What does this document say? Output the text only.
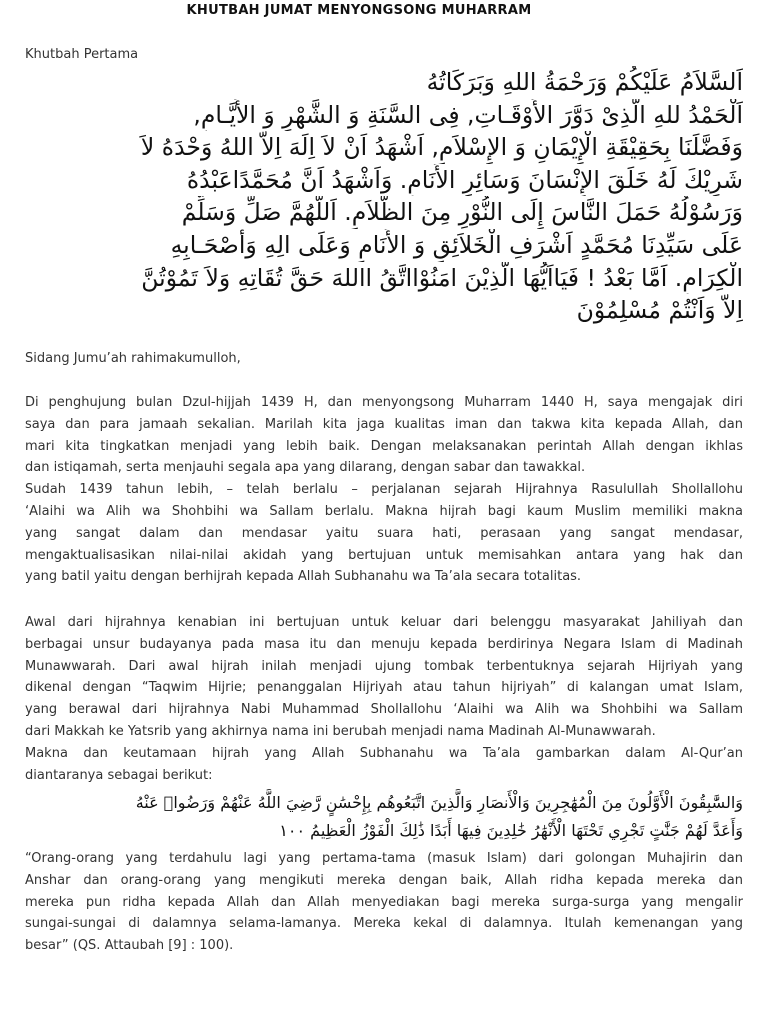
KHUTBAH JUMAT MENYONGSONG MUHARRAM
Khutbah Pertama
اَلسَّلاَمُ عَلَيْكُمْ وَرَحْمَةُ اللهِ وَبَرَكَاتُهُ
اَلْحَمْدُ للهِ الَّذِىْ دَوَّرَ الأَوْقَـاتِ, فِى السَّنَةِ وَ الشَّهْرِ وَ الأَيَّـامِ,
وَفَضَّلَنَا بِحَقِيْقَةِ الْإِيْمَانِ وَ الإِسْلاَمِ, اَشْهَدُ اَنْ لاَ اِلَهَ اِلاَّ اللهُ وَحْدَهُ لاَ
شَرِيْكَ لَهُ خَلَقَ الإِنْسَانَ وَسَائِرِ الأَنَامِ. وَاَشْهَدُ اَنَّ مُحَمَّدًاعَبْدُهُ
وَرَسُوْلُهُ حَمَلَ النَّاسَ إِلَى النُّوْرِ مِنَ الظَّلاَمِ. اَللَّهُمَّ صَلِّ وَسَلِّمْ
عَلَى سَيِّدِنَا مُحَمَّدٍ اَشْرَفِ الْخَلاَئِقِ وَ الأَنَامِ وَعَلَى الِهِ وَأَصْحَـابِهِ
الْكِرَامِ. اَمَّا بَعْدُ ! فَيَااَيُّهَا الَّذِيْنَ امَنُوْااتَّقُ االلهَ حَقَّ تُقَاتِهِ وَلاَ تَمُوْتُنَّ
اِلاَّ وَاَنْتُمْ مُسْلِمُوْنَ
Sidang Jumu’ah rahimakumulloh,
Di penghujung bulan Dzul-hijjah 1439 H, dan menyongsong Muharram 1440 H, saya mengajak diri
saya dan para jamaah sekalian. Marilah kita jaga kualitas iman dan takwa kita kepada Allah, dan
mari kita tingkatkan menjadi yang lebih baik. Dengan melaksanakan perintah Allah dengan ikhlas
dan istiqamah, serta menjauhi segala apa yang dilarang, dengan sabar dan tawakkal.
Sudah 1439 tahun lebih, – telah berlalu – perjalanan sejarah Hijrahnya Rasulullah Shollallohu
‘Alaihi wa Alih wa Shohbihi wa Sallam berlalu. Makna hijrah bagi kaum Muslim memiliki makna
yang sangat dalam dan mendasar yaitu suara hati, perasaan yang sangat mendasar,
mengaktualisasikan nilai-nilai akidah yang bertujuan untuk memisahkan antara yang hak dan
yang batil yaitu dengan berhijrah kepada Allah Subhanahu wa Ta’ala secara totalitas.
Awal dari hijrahnya kenabian ini bertujuan untuk keluar dari belenggu masyarakat Jahiliyah dan
berbagai unsur budayanya pada masa itu dan menuju kepada berdirinya Negara Islam di Madinah
Munawwarah. Dari awal hijrah inilah menjadi ujung tombak terbentuknya sejarah Hijriyah yang
dikenal dengan “Taqwim Hijrie; penanggalan Hijriyah atau tahun hijriyah” di kalangan umat Islam,
yang berawal dari hijrahnya Nabi Muhammad Shollallohu ‘Alaihi wa Alih wa Shohbihi wa Sallam
dari Makkah ke Yatsrib yang akhirnya nama ini berubah menjadi nama Madinah Al-Munawwarah.
Makna dan keutamaan hijrah yang Allah Subhanahu wa Ta’ala gambarkan dalam Al-Qur’an
diantaranya sebagai berikut:
وَالسَّٰبِقُونَ الْأَوَّلُونَ مِنَ الْمُهَٰجِرِينَ وَالْأَنصَارِ وَالَّذِينَ اتَّبَعُوهُم بِإِحْسَٰنٍ رَّضِيَ اللَّهُ عَنْهُمْ وَرَضُوا۟ عَنْهُ
وَأَعَدَّ لَهُمْ جَنَّٰتٍ تَجْرِي تَحْتَهَا الْأَنْهَٰرُ خَٰلِدِينَ فِيهَا أَبَدًا ذَٰلِكَ الْفَوْزُ الْعَظِيمُ ١٠٠
“Orang-orang yang terdahulu lagi yang pertama-tama (masuk Islam) dari golongan Muhajirin dan
Anshar dan orang-orang yang mengikuti mereka dengan baik, Allah ridha kepada mereka dan
mereka pun ridha kepada Allah dan Allah menyediakan bagi mereka surga-surga yang mengalir
sungai-sungai di dalamnya selama-lamanya. Mereka kekal di dalamnya. Itulah kemenangan yang
besar” (QS. Attaubah [9] : 100).
